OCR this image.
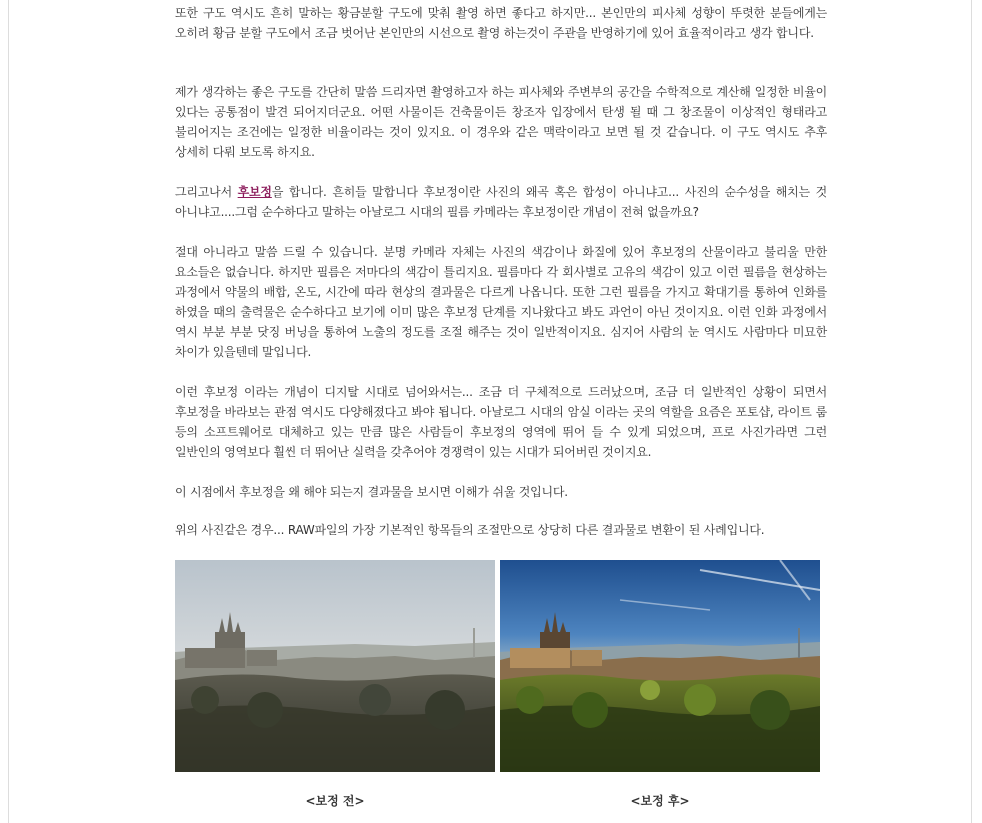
또한 구도 역시도 흔히 말하는 황금분할 구도에 맞춰 촬영 하면 좋다고 하지만... 본인만의 피사체 성향이 뚜렷한 분들에게는 오히려 황금 분할 구도에서 조금 벗어난 본인만의 시선으로 촬영 하는것이 주관을 반영하기에 있어 효율적이라고 생각 합니다.

제가 생각하는 좋은 구도를 간단히 말씀 드리자면 촬영하고자 하는 피사체와 주변부의 공간을 수학적으로 계산해 일정한 비율이 있다는 공통점이 발견 되어지더군요. 어떤 사물이든 건축물이든 창조자 입장에서 탄생 될 때 그 창조물이 이상적인 형태라고 불리어지는 조건에는 일정한 비율이라는 것이 있지요. 이 경우와 같은 맥락이라고 보면 될 것 같습니다. 이 구도 역시도 추후 상세히 다뤄 보도록 하지요.

그리고나서 후보정을 합니다. 흔히들 말합니다 후보정이란 사진의 왜곡 혹은 합성이 아니냐고... 사진의 순수성을 해치는 것 아니냐고....그럼 순수하다고 말하는 아날로그 시대의 필름 카메라는 후보정이란 개념이 전혀 없을까요?

절대 아니라고 말씀 드릴 수 있습니다. 분명 카메라 자체는 사진의 색감이나 화질에 있어 후보정의 산물이라고 불리울 만한 요소들은 없습니다. 하지만 필름은 저마다의 색감이 틀리지요. 필름마다 각 회사별로 고유의 색감이 있고 이런 필름을 현상하는 과정에서 약물의 배합, 온도, 시간에 따라 현상의 결과물은 다르게 나옵니다. 또한 그런 필름을 가지고 확대기를 통하여 인화를 하였을 때의 출력물은 순수하다고 보기에 이미 많은 후보정 단계를 지나왔다고 봐도 과언이 아닌 것이지요. 이런 인화 과정에서 역시 부분 부분 닷징 버닝을 통하여 노출의 정도를 조절 해주는 것이 일반적이지요. 심지어 사람의 눈 역시도 사람마다 미묘한 차이가 있을텐데 말입니다.

이런 후보정 이라는 개념이 디지탈 시대로 넘어와서는... 조금 더 구체적으로 드러났으며, 조금 더 일반적인 상황이 되면서 후보정을 바라보는 관점 역시도 다양해졌다고 봐야 됩니다. 아날로그 시대의 암실 이라는 곳의 역할을 요즘은 포토샵, 라이트 룸 등의 소프트웨어로 대체하고 있는 만큼 많은 사람들이 후보정의 영역에 뛰어 들 수 있게 되었으며, 프로 사진가라면 그런 일반인의 영역보다 훨씬 더 뛰어난 실력을 갖추어야 경쟁력이 있는 시대가 되어버린 것이지요.

이 시점에서 후보정을 왜 해야 되는지 결과물을 보시면 이해가 쉬울 것입니다.

위의 사진같은 경우... RAW파일의 가장 기본적인 항목들의 조절만으로 상당히 다른 결과물로 변환이 된 사례입니다.

<보정 전>	<보정 후>
